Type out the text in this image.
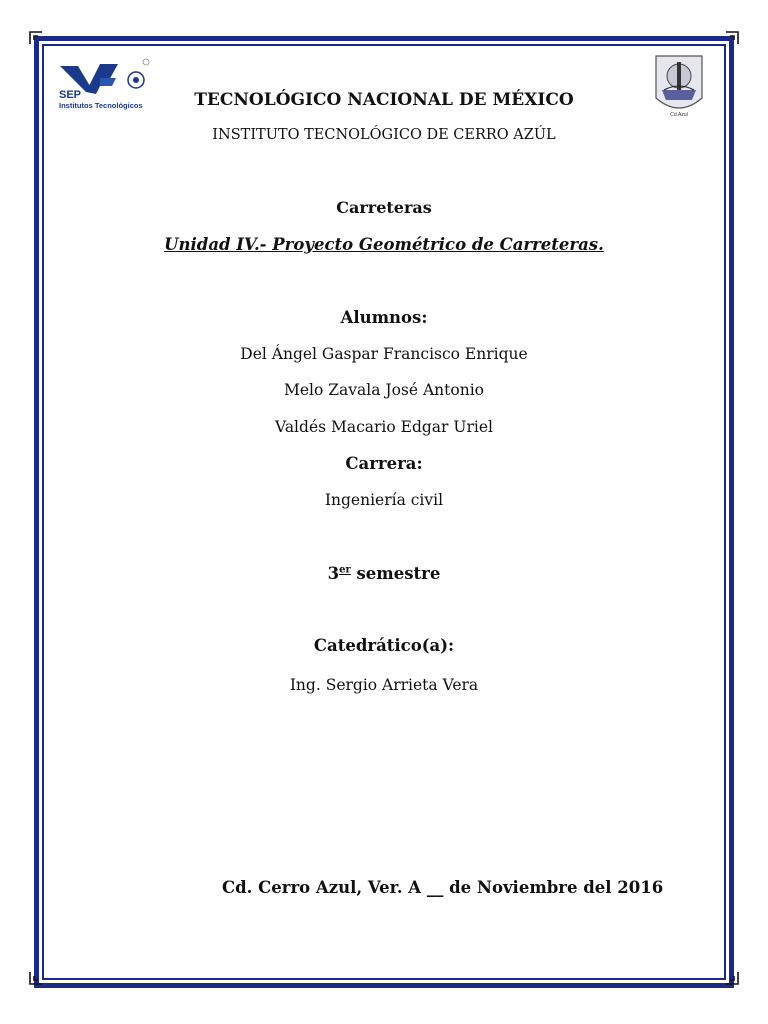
SEP
Institutos Tecnológicos
Cd.Azul
TECNOLÓGICO NACIONAL DE MÉXICO
INSTITUTO TECNOLÓGICO DE CERRO AZÚL
Carreteras
Unidad IV.- Proyecto Geométrico de Carreteras.
Alumnos:
Del Ángel Gaspar Francisco Enrique
Melo Zavala José Antonio
Valdés Macario Edgar Uriel
Carrera:
Ingeniería civil
3er semestre
Catedrático(a):
Ing. Sergio Arrieta Vera
Cd. Cerro Azul, Ver. A __ de Noviembre del 2016
